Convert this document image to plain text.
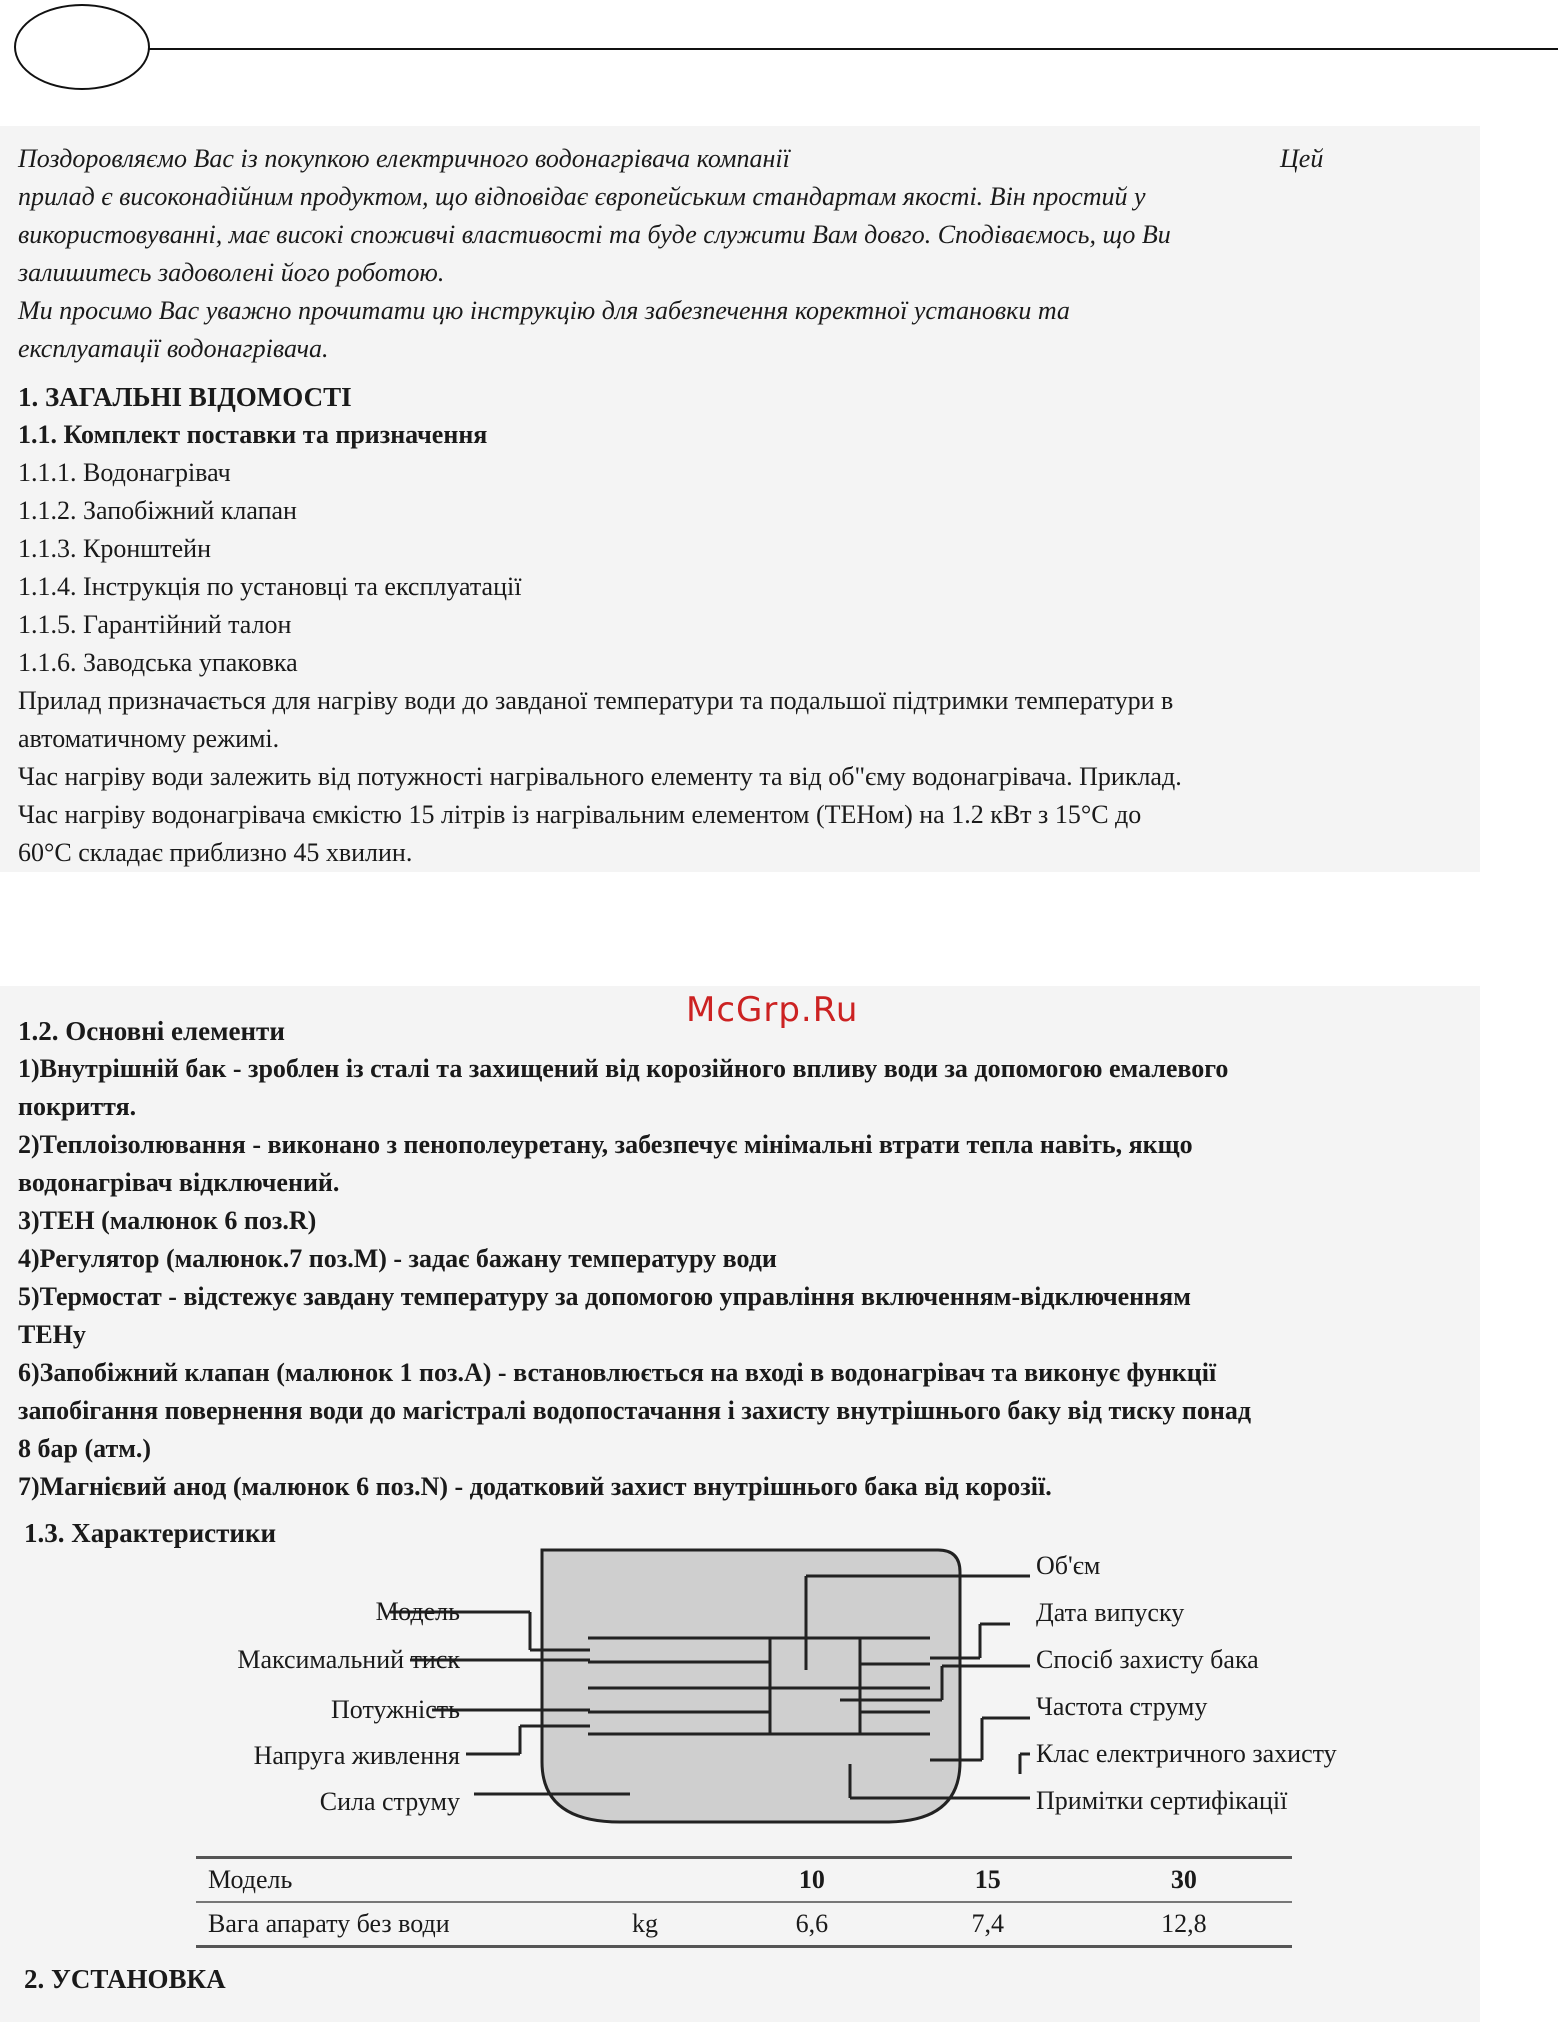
Поздоровляємо Вас із покупкою електричного водонагрівача компанії	Цей
прилад є високонадійним продуктом, що відповідає європейським стандартам якості. Він простий у
використовуванні, має високі споживчі властивості та буде служити Вам довго. Сподіваємось, що Ви
залишитесь задоволені його роботою.
Ми просимо Вас уважно прочитати цю інструкцію для забезпечення коректної установки та
експлуатації водонагрівача.
1. ЗАГАЛЬНІ ВІДОМОСТІ
1.1. Комплект поставки та призначення
1.1.1. Водонагрівач
1.1.2. Запобіжний клапан
1.1.3. Кронштейн
1.1.4. Інструкція по установці та експлуатації
1.1.5. Гарантійний талон
1.1.6. Заводська упаковка
Прилад призначається для нагріву води до завданої температури та подальшої підтримки температури в
автоматичному режимі.
Час нагріву води залежить від потужності нагрівального елементу та від об"єму водонагрівача. Приклад.
Час нагріву водонагрівача ємкістю 15 літрів із нагрівальним елементом (ТЕНом) на 1.2 кВт з 15°С до
60°С складає приблизно 45 хвилин.
McGrp.Ru
1.2. Основні елементи
1)Внутрішній бак - зроблен із сталі та захищений від корозійного впливу води за допомогою емалевого
покриття.
2)Теплоізолювання - виконано з пенополеуретану, забезпечує мінімальні втрати тепла навіть, якщо
водонагрівач відключений.
3)ТЕН (малюнок 6 поз.R)
4)Регулятор (малюнок.7 поз.M) - задає бажану температуру води
5)Термостат - відстежує завдану температуру за допомогою управління включенням-відключенням
ТЕНу
6)Запобіжний клапан (малюнок 1 поз.А) - встановлюється на вході в водонагрівач та виконує функції
запобігання повернення води до магістралі водопостачання і захисту внутрішнього баку від тиску понад
8 бар (атм.)
7)Магнієвий анод (малюнок 6 поз.N) - додатковий захист внутрішнього бака від корозії.
1.3. Характеристики
Модель
Максимальний тиск
Потужність
Напруга живлення
Сила струму
Об'єм
Дата випуску
Спосіб захисту бака
Частота струму
Клас електричного захисту
Примітки сертифікації
Модель		10	15	30
Вага апарату без води	kg	6,6	7,4	12,8
2. УСТАНОВКА
